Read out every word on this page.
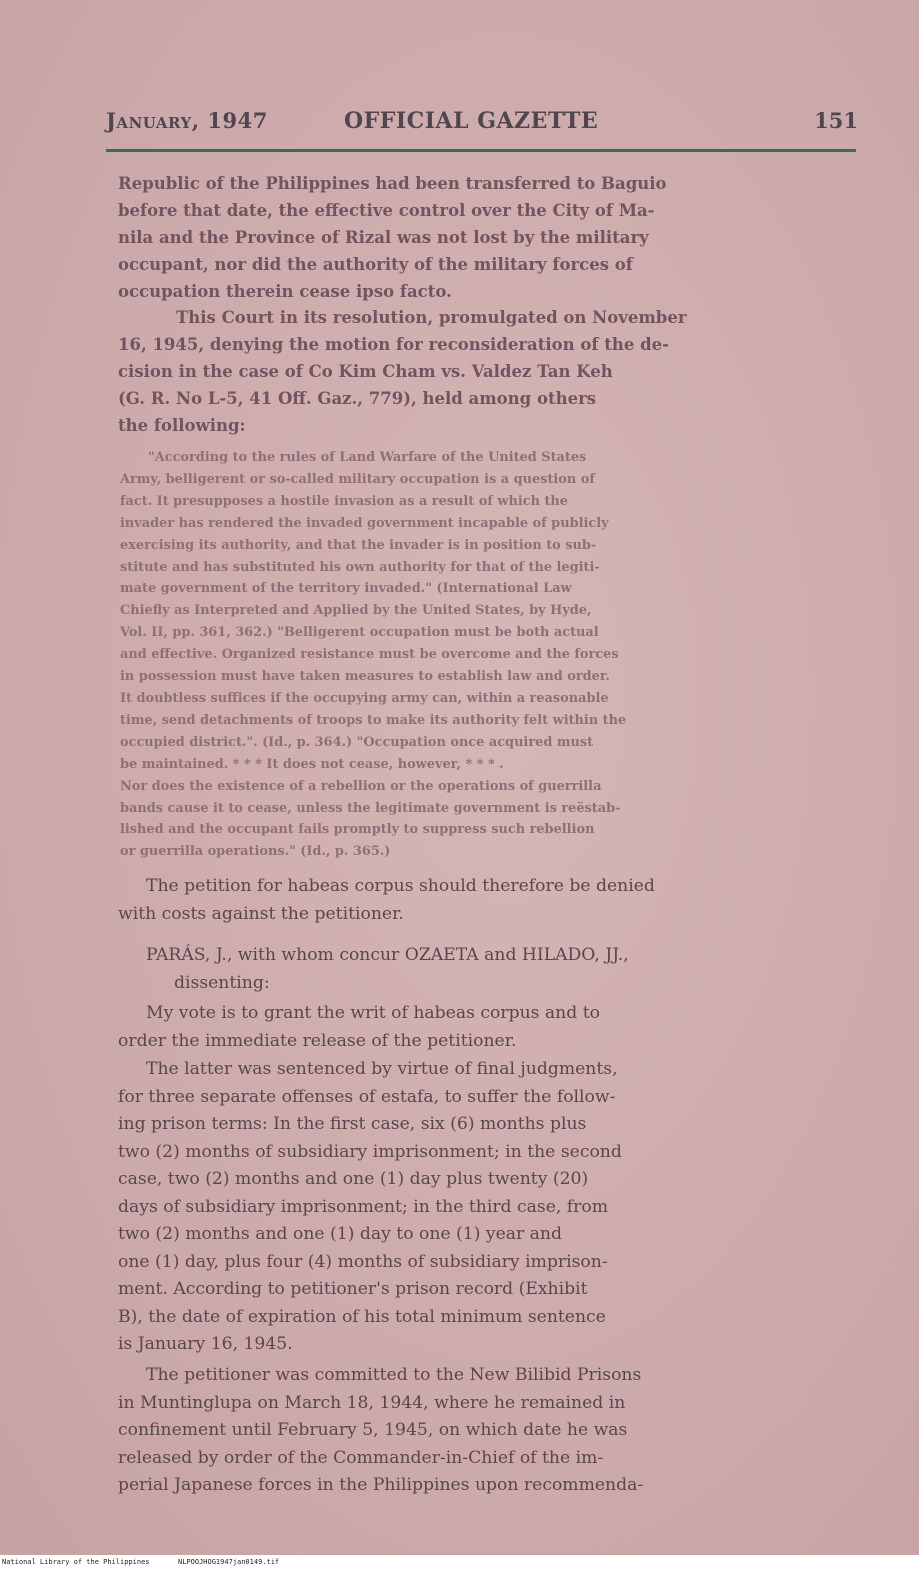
January, 1947	OFFICIAL GAZETTE	151
Republic of the Philippines had been transferred to Baguio
before that date, the effective control over the City of Ma-
nila and the Province of Rizal was not lost by the military
occupant, nor did the authority of the military forces of
occupation therein cease ipso facto.
This Court in its resolution, promulgated on November
16, 1945, denying the motion for reconsideration of the de-
cision in the case of Co Kim Cham vs. Valdez Tan Keh
(G. R. No L-5, 41 Off. Gaz., 779), held among others
the following:
"According to the rules of Land Warfare of the United States
Army, belligerent or so-called military occupation is a question of
fact. It presupposes a hostile invasion as a result of which the
invader has rendered the invaded government incapable of publicly
exercising its authority, and that the invader is in position to sub-
stitute and has substituted his own authority for that of the legiti-
mate government of the territory invaded." (International Law
Chiefly as Interpreted and Applied by the United States, by Hyde,
Vol. II, pp. 361, 362.) "Belligerent occupation must be both actual
and effective. Organized resistance must be overcome and the forces
in possession must have taken measures to establish law and order.
It doubtless suffices if the occupying army can, within a reasonable
time, send detachments of troops to make its authority felt within the
occupied district.". (Id., p. 364.) "Occupation once acquired must
be maintained. * * * It does not cease, however, * * * .
Nor does the existence of a rebellion or the operations of guerrilla
bands cause it to cease, unless the legitimate government is reëstab-
lished and the occupant fails promptly to suppress such rebellion
or guerrilla operations." (Id., p. 365.)
The petition for habeas corpus should therefore be denied
with costs against the petitioner.
PARÁS, J., with whom concur OZAETA and HILADO, JJ.,
dissenting:
My vote is to grant the writ of habeas corpus and to
order the immediate release of the petitioner.
The latter was sentenced by virtue of final judgments,
for three separate offenses of estafa, to suffer the follow-
ing prison terms: In the first case, six (6) months plus
two (2) months of subsidiary imprisonment; in the second
case, two (2) months and one (1) day plus twenty (20)
days of subsidiary imprisonment; in the third case, from
two (2) months and one (1) day to one (1) year and
one (1) day, plus four (4) months of subsidiary imprison-
ment. According to petitioner's prison record (Exhibit
B), the date of expiration of his total minimum sentence
is January 16, 1945.
The petitioner was committed to the New Bilibid Prisons
in Muntinglupa on March 18, 1944, where he remained in
confinement until February 5, 1945, on which date he was
released by order of the Commander-in-Chief of the im-
perial Japanese forces in the Philippines upon recommenda-
National Library of the Philippines	NLPOOJHOG1947jan0149.tif
